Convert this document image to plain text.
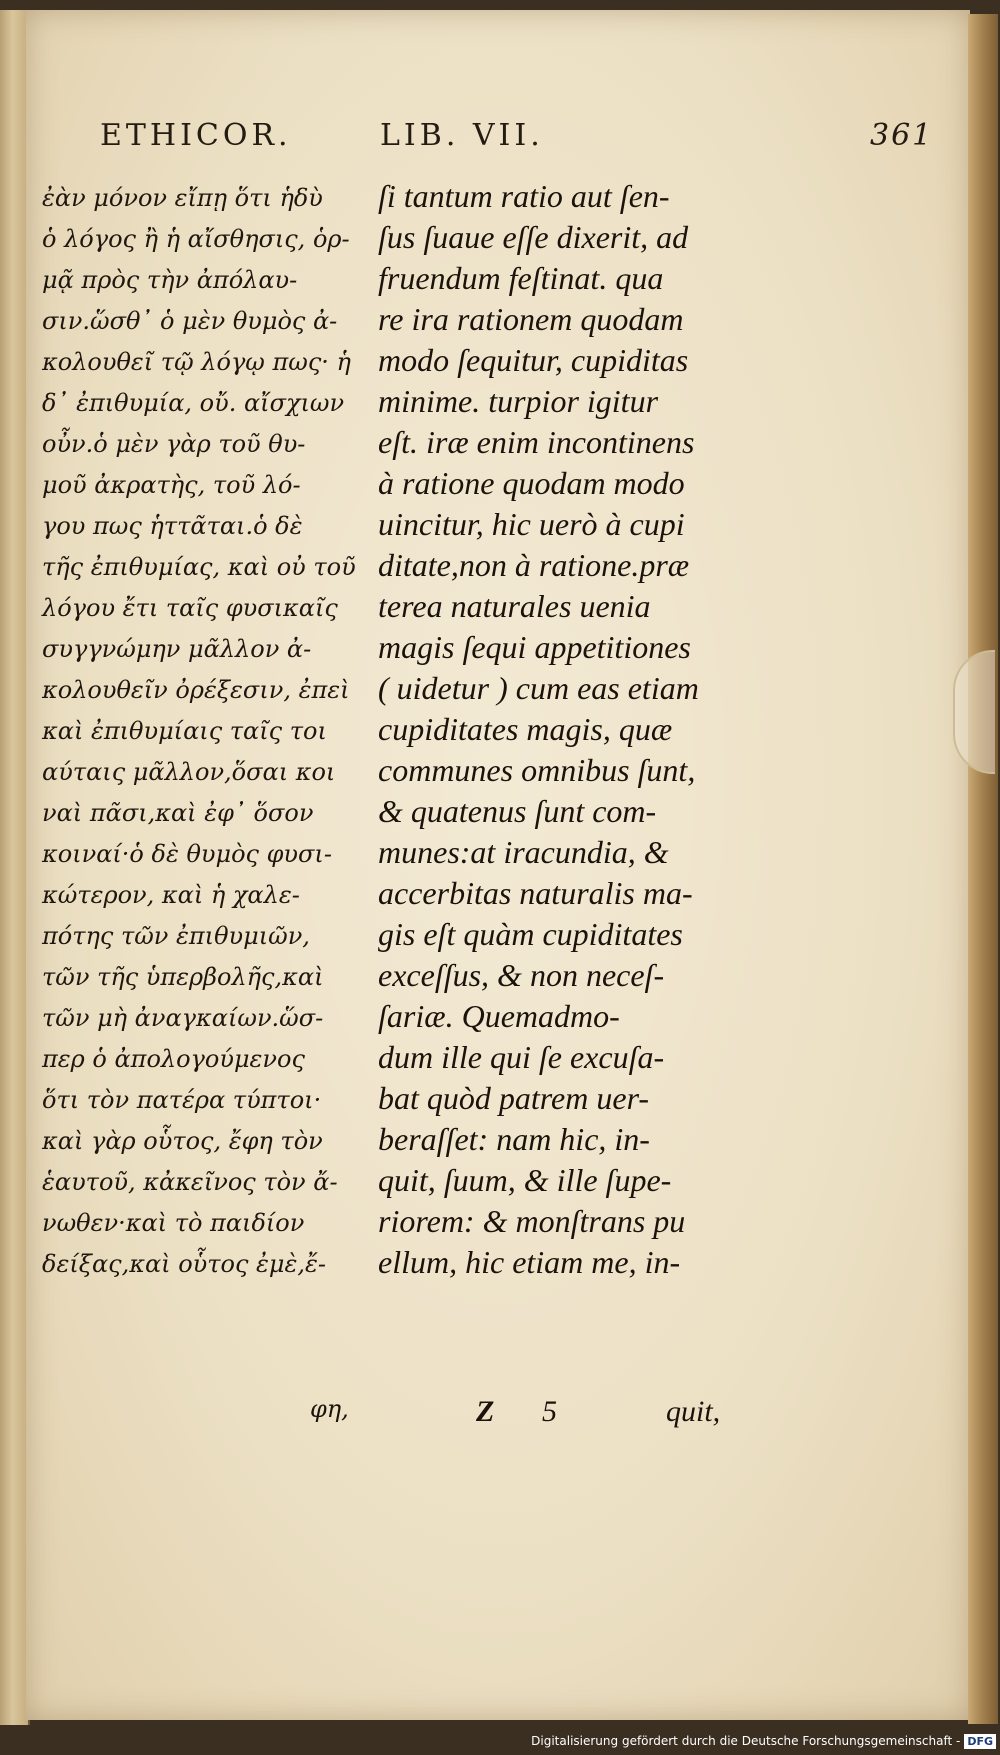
ETHICOR.	LIB. VII.	361
ἐὰν μόνον εἴπῃ ὅτι ἡδὺ
ὁ λόγος ἢ ἡ αἴσθησις, ὁρ-
μᾷ πρὸς τὴν ἀπόλαυ-
σιν.ὥσθ᾽ ὁ μὲν θυμὸς ἀ-
κολουθεῖ τῷ λόγῳ πως· ἡ
δ᾽ ἐπιθυμία, οὔ. αἴσχιων
οὖν.ὁ μὲν γὰρ τοῦ θυ-
μοῦ ἀκρατὴς, τοῦ λό-
γου πως ἡττᾶται.ὁ δὲ
τῆς ἐπιθυμίας, καὶ οὐ τοῦ
λόγου ἔτι ταῖς φυσικαῖς
συγγνώμην μᾶλλον ἀ-
κολουθεῖν ὀρέξεσιν, ἐπεὶ
καὶ ἐπιθυμίαις ταῖς τοι
αύταις μᾶλλον,ὅσαι κοι
ναὶ πᾶσι,καὶ ἐφ᾽ ὅσον
κοιναί·ὁ δὲ θυμὸς φυσι-
κώτερον, καὶ ἡ χαλε-
πότης τῶν ἐπιθυμιῶν,
τῶν τῆς ὑπερβολῆς,καὶ
τῶν μὴ ἀναγκαίων.ὥσ-
περ ὁ ἀπολογούμενος
ὅτι τὸν πατέρα τύπτοι·
καὶ γὰρ οὗτος, ἔφη τὸν
ἑαυτοῦ, κἀκεῖνος τὸν ἄ-
νωθεν·καὶ τὸ παιδίον
δείξας,καὶ οὗτος ἐμὲ,ἔ-
ſi tantum ratio aut ſen-
ſus ſuaue eſſe dixerit, ad
fruendum feſtinat. qua
re ira rationem quodam
modo ſequitur, cupiditas
minime. turpior igitur
eſt. iræ enim incontinens
à ratione quodam modo
uincitur, hic uerò à cupi
ditate,non à ratione.præ
terea naturales uenia
magis ſequi appetitiones
( uidetur ) cum eas etiam
cupiditates magis, quæ
communes omnibus ſunt,
& quatenus ſunt com-
munes:at iracundia, &
accerbitas naturalis ma-
gis eſt quàm cupiditates
exceſſus, & non neceſ-
ſariæ. Quemadmo-
dum ille qui ſe excuſa-
bat quòd patrem uer-
beraſſet: nam hic, in-
quit, ſuum, & ille ſupe-
riorem: & monſtrans pu
ellum, hic etiam me, in-
φη,	Z 5	quit,
Digitalisierung gefördert durch die Deutsche Forschungsgemeinschaft - DFG
